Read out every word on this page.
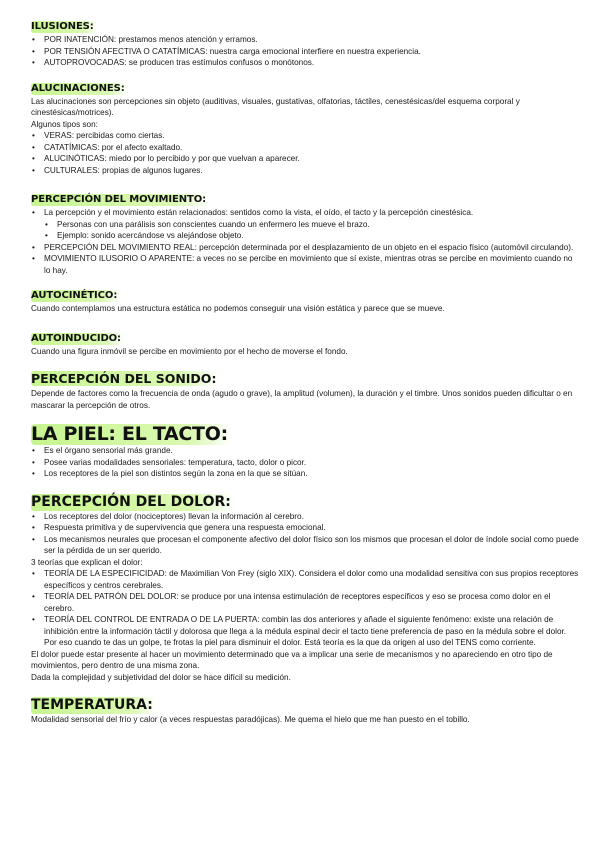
ILUSIONES:
• POR INATENCIÓN: prestamos menos atención y erramos.
• POR TENSIÓN AFECTIVA O CATATÍMICAS: nuestra carga emocional interfiere en nuestra experiencia.
• AUTOPROVOCADAS: se producen tras estímulos confusos o monótonos.
ALUCINACIONES:

Las alucinaciones son percepciones sin objeto (auditivas, visuales, gustativas, olfatorias, táctiles, cenestésicas/del esquema corporal y cinestésicas/motrices).

Algunos tipos son:

• VERAS: percibidas como ciertas.
• CATATÍMICAS: por el afecto exaltado.
• ALUCINÓTICAS: miedo por lo percibido y por que vuelvan a aparecer.
• CULTURALES: propias de algunos lugares.
PERCEPCIÓN DEL MOVIMIENTO:
• La percepción y el movimiento están relacionados: sentidos como la vista, el oído, el tacto y la percepción cinestésica.
• Personas con una parálisis son conscientes cuando un enfermero les mueve el brazo.
• Ejemplo: sonido acercándose vs alejándose objeto.
• PERCEPCIÓN DEL MOVIMIENTO REAL: percepción determinada por el desplazamiento de un objeto en el espacio físico (automóvil circulando).
• MOVIMIENTO ILUSORIO O APARENTE: a veces no se percibe en movimiento que sí existe, mientras otras se percibe en movimiento cuando no lo hay.
AUTOCINÉTICO:

Cuando contemplamos una estructura estática no podemos conseguir una visión estática y parece que se mueve.

AUTOINDUCIDO:

Cuando una figura inmóvil se percibe en movimiento por el hecho de moverse el fondo.

PERCEPCIÓN DEL SONIDO:

Depende de factores como la frecuencia de onda (agudo o grave), la amplitud (volumen), la duración y el timbre. Unos sonidos pueden dificultar o en mascarar la percepción de otros.

LA PIEL: EL TACTO:
• Es el órgano sensorial más grande.
• Posee varias modalidades sensoriales: temperatura, tacto, dolor o picor.
• Los receptores de la piel son distintos según la zona en la que se sitúan.
PERCEPCIÓN DEL DOLOR:
• Los receptores del dolor (nociceptores) llevan la información al cerebro.
• Respuesta primitiva y de supervivencia que genera una respuesta emocional.
• Los mecanismos neurales que procesan el componente afectivo del dolor físico son los mismos que procesan el dolor de índole social como puede ser la pérdida de un ser querido.

3 teorías que explican el dolor:

• TEORÍA DE LA ESPECIFICIDAD: de Maximilian Von Frey (siglo XIX). Considera el dolor como una modalidad sensitiva con sus propios receptores específicos y centros cerebrales.
• TEORÍA DEL PATRÓN DEL DOLOR: se produce por una intensa estimulación de receptores específicos y eso se procesa como dolor en el cerebro.
• TEORÍA DEL CONTROL DE ENTRADA O DE LA PUERTA: combin las dos anteriores y añade el siguiente fenómeno: existe una relación de inhibición entre la información táctil y dolorosa que llega a la médula espinal decir el tacto tiene preferencia de paso en la médula sobre el dolor. Por eso cuando te das un golpe, te frotas la piel para disminuir el dolor. Está teoría es la que da origen al uso del TENS como corriente.

El dolor puede estar presente al hacer un movimiento determinado que va a implicar una serie de mecanismos y no apareciendo en otro tipo de movimientos, pero dentro de una misma zona.

Dada la complejidad y subjetividad del dolor se hace difícil su medición.

TEMPERATURA:

Modalidad sensorial del frío y calor (a veces respuestas paradójicas). Me quema el hielo que me han puesto en el tobillo.
